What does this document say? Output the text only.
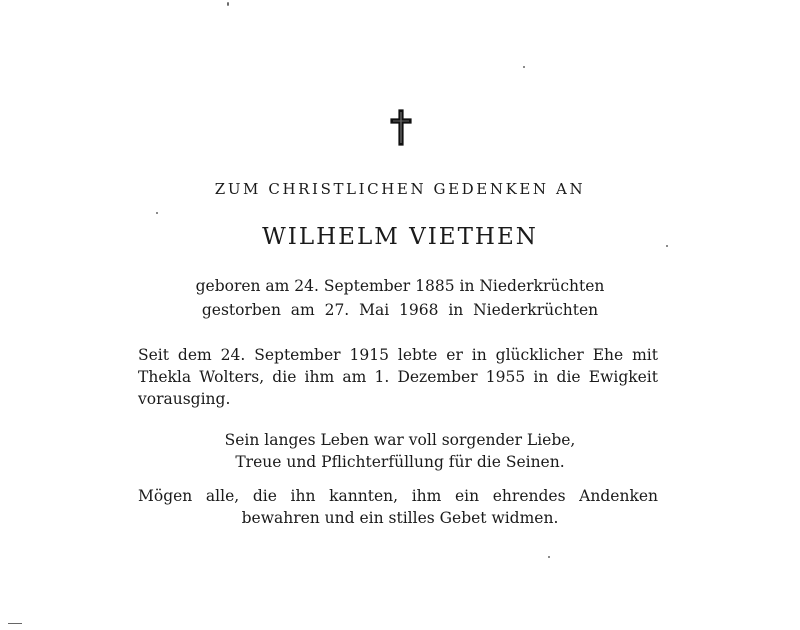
ZUM CHRISTLICHEN GEDENKEN AN
WILHELM VIETHEN
geboren am 24. September 1885 in Niederkrüchten
gestorben  am  27.  Mai  1968  in  Niederkrüchten
Seit dem 24. September 1915 lebte er in glücklicher Ehe mit
Thekla Wolters, die ihm am 1. Dezember 1955 in die Ewigkeit
vorausging.
Sein langes Leben war voll sorgender Liebe,
Treue und Pflichterfüllung für die Seinen.
Mögen alle, die ihn kannten, ihm ein ehrendes Andenken
bewahren und ein stilles Gebet widmen.
